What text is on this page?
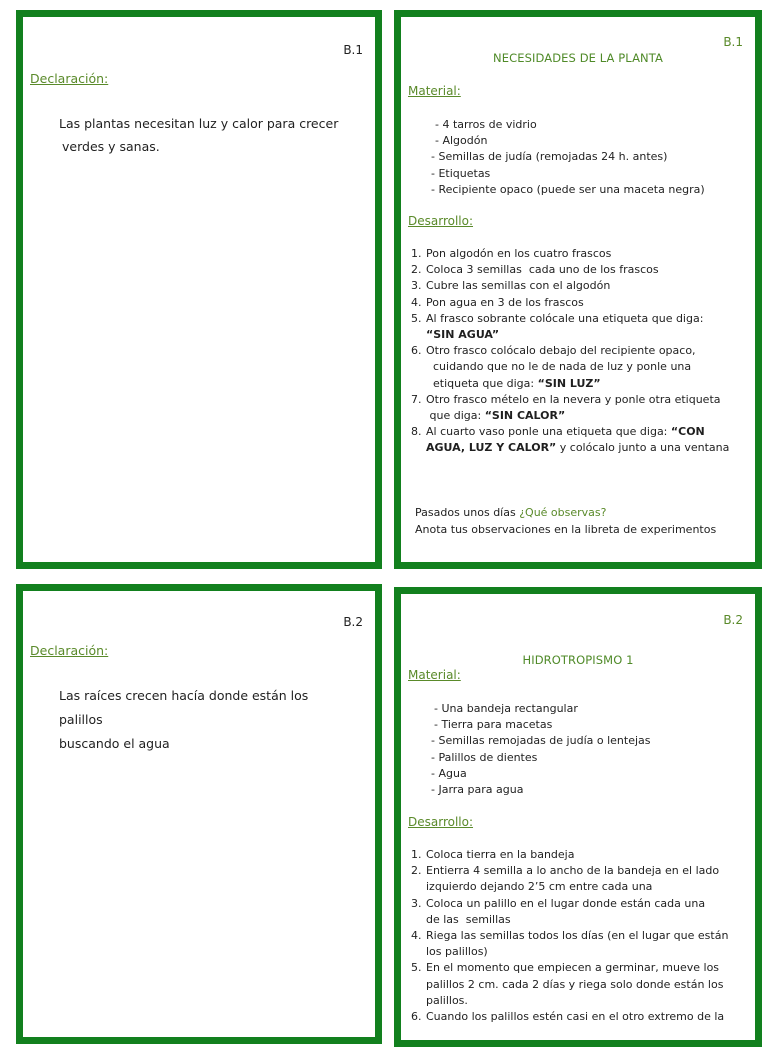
B.1
Declaración:
Las plantas necesitan luz y calor para crecer
verdes y sanas.
B.1
NECESIDADES DE LA PLANTA
Material:
- 4 tarros de vidrio
- Algodón
- Semillas de judía (remojadas 24 h. antes)
- Etiquetas
- Recipiente opaco (puede ser una maceta negra)
Desarrollo:
1. Pon algodón en los cuatro frascos
2. Coloca 3 semillas  cada uno de los frascos
3. Cubre las semillas con el algodón
4. Pon agua en 3 de los frascos
5. Al frasco sobrante colócale una etiqueta que diga:
“SIN AGUA”
6. Otro frasco colócalo debajo del recipiente opaco,
cuidando que no le de nada de luz y ponle una
etiqueta que diga: “SIN LUZ”
7. Otro frasco mételo en la nevera y ponle otra etiqueta
que diga: “SIN CALOR”
8. Al cuarto vaso ponle una etiqueta que diga: “CON
AGUA, LUZ Y CALOR” y colócalo junto a una ventana
Pasados unos días ¿Qué observas?
Anota tus observaciones en la libreta de experimentos
B.2
Declaración:
Las raíces crecen hacía donde están los palillos
buscando el agua
B.2
HIDROTROPISMO 1
Material:
- Una bandeja rectangular
- Tierra para macetas
- Semillas remojadas de judía o lentejas
- Palillos de dientes
- Agua
- Jarra para agua
Desarrollo:
1. Coloca tierra en la bandeja
2. Entierra 4 semilla a lo ancho de la bandeja en el lado
izquierdo dejando 2’5 cm entre cada una
3. Coloca un palillo en el lugar donde están cada una
de las  semillas
4. Riega las semillas todos los días (en el lugar que están
los palillos)
5. En el momento que empiecen a germinar, mueve los
palillos 2 cm. cada 2 días y riega solo donde están los
palillos.
6. Cuando los palillos estén casi en el otro extremo de la
